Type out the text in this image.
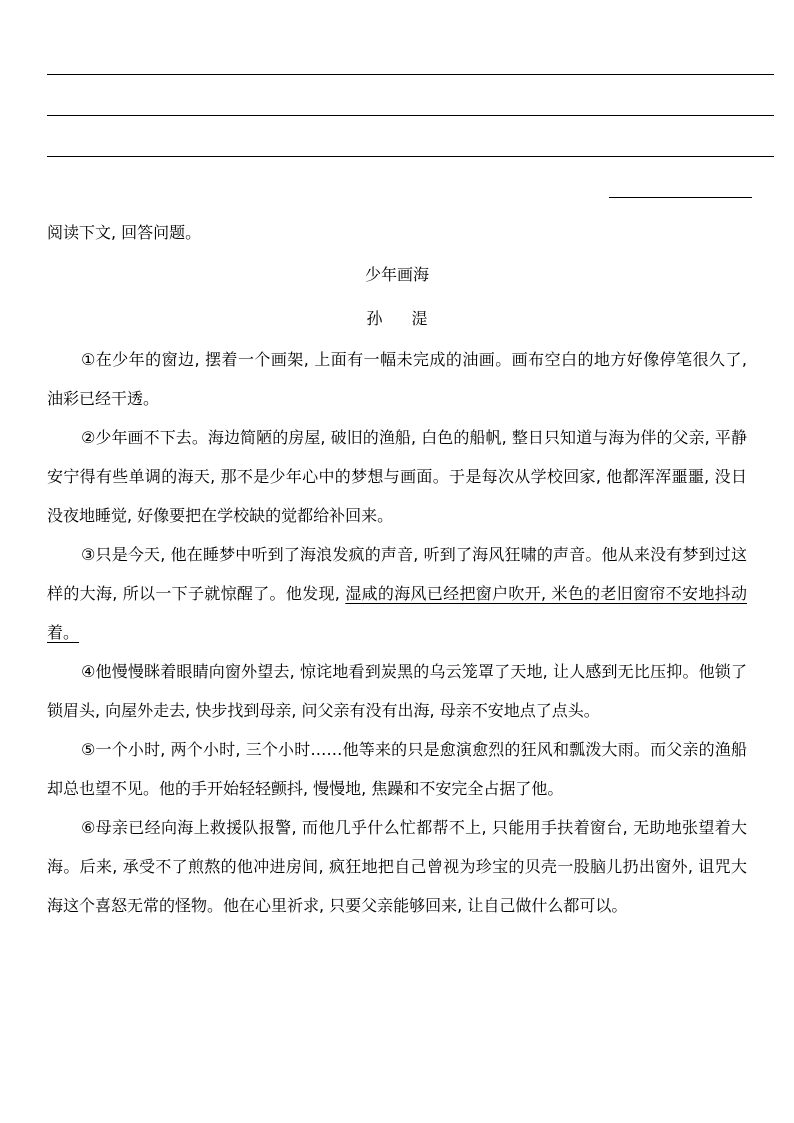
阅读下文, 回答问题。
少年画海
孙 湜

①在少年的窗边, 摆着一个画架, 上面有一幅未完成的油画。画布空白的地方好像停笔很久了, 油彩已经干透。

②少年画不下去。海边简陋的房屋, 破旧的渔船, 白色的船帆, 整日只知道与海为伴的父亲, 平静安宁得有些单调的海天, 那不是少年心中的梦想与画面。于是每次从学校回家, 他都浑浑噩噩, 没日没夜地睡觉, 好像要把在学校缺的觉都给补回来。

③只是今天, 他在睡梦中听到了海浪发疯的声音, 听到了海风狂啸的声音。他从来没有梦到过这样的大海, 所以一下子就惊醒了。他发现, 湿咸的海风已经把窗户吹开, 米色的老旧窗帘不安地抖动着。

④他慢慢眯着眼睛向窗外望去, 惊诧地看到炭黑的乌云笼罩了天地, 让人感到无比压抑。他锁了锁眉头, 向屋外走去, 快步找到母亲, 问父亲有没有出海, 母亲不安地点了点头。

⑤一个小时, 两个小时, 三个小时……他等来的只是愈演愈烈的狂风和瓢泼大雨。而父亲的渔船却总也望不见。他的手开始轻轻颤抖, 慢慢地, 焦躁和不安完全占据了他。

⑥母亲已经向海上救援队报警, 而他几乎什么忙都帮不上, 只能用手扶着窗台, 无助地张望着大海。后来, 承受不了煎熬的他冲进房间, 疯狂地把自己曾视为珍宝的贝壳一股脑儿扔出窗外, 诅咒大海这个喜怒无常的怪物。他在心里祈求, 只要父亲能够回来, 让自己做什么都可以。
